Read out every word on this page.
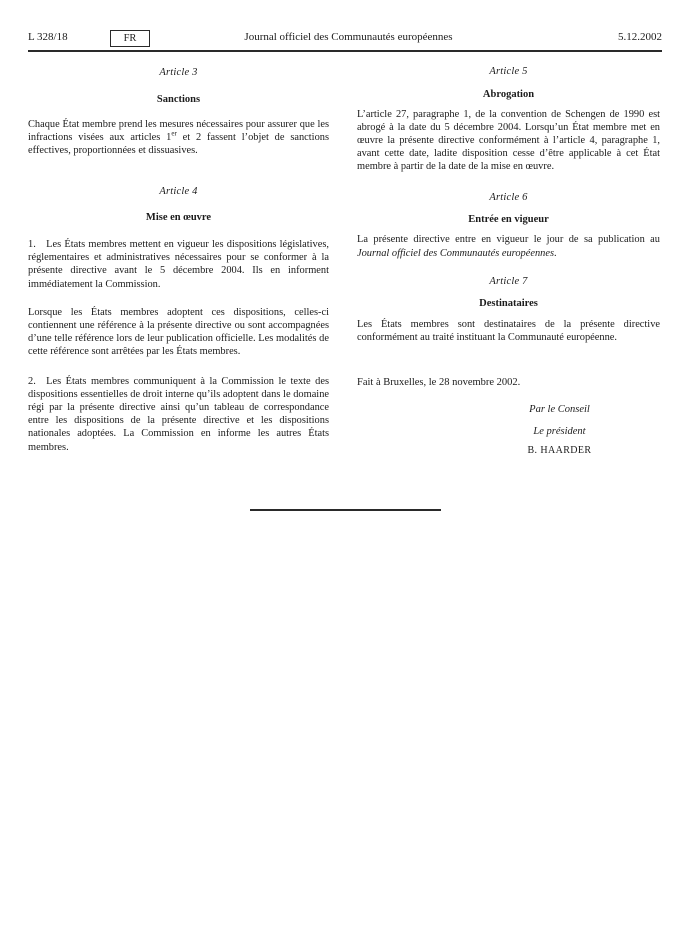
L 328/18	FR	Journal officiel des Communautés européennes	5.12.2002
Article 3
Sanctions

Chaque État membre prend les mesures nécessaires pour assurer que les infractions visées aux articles 1er et 2 fassent l’objet de sanctions effectives, proportionnées et dissuasives.

Article 4
Mise en œuvre

1. Les États membres mettent en vigueur les dispositions législatives, réglementaires et administratives nécessaires pour se conformer à la présente directive avant le 5 décembre 2004. Ils en informent immédiatement la Commission.

Lorsque les États membres adoptent ces dispositions, celles-ci contiennent une référence à la présente directive ou sont accompagnées d’une telle référence lors de leur publication officielle. Les modalités de cette référence sont arrêtées par les États membres.

2. Les États membres communiquent à la Commission le texte des dispositions essentielles de droit interne qu’ils adoptent dans le domaine régi par la présente directive ainsi qu’un tableau de correspondance entre les dispositions de la présente directive et les dispositions nationales adoptées. La Commission en informe les autres États membres.

Article 5
Abrogation

L’article 27, paragraphe 1, de la convention de Schengen de 1990 est abrogé à la date du 5 décembre 2004. Lorsqu’un État membre met en œuvre la présente directive conformément à l’article 4, paragraphe 1, avant cette date, ladite disposition cesse d’être applicable à cet État membre à partir de la date de la mise en œuvre.

Article 6
Entrée en vigueur

La présente directive entre en vigueur le jour de sa publication au Journal officiel des Communautés européennes.

Article 7
Destinataires

Les États membres sont destinataires de la présente directive conformément au traité instituant la Communauté européenne.

Fait à Bruxelles, le 28 novembre 2002.

Par le Conseil
Le président
B. HAARDER
